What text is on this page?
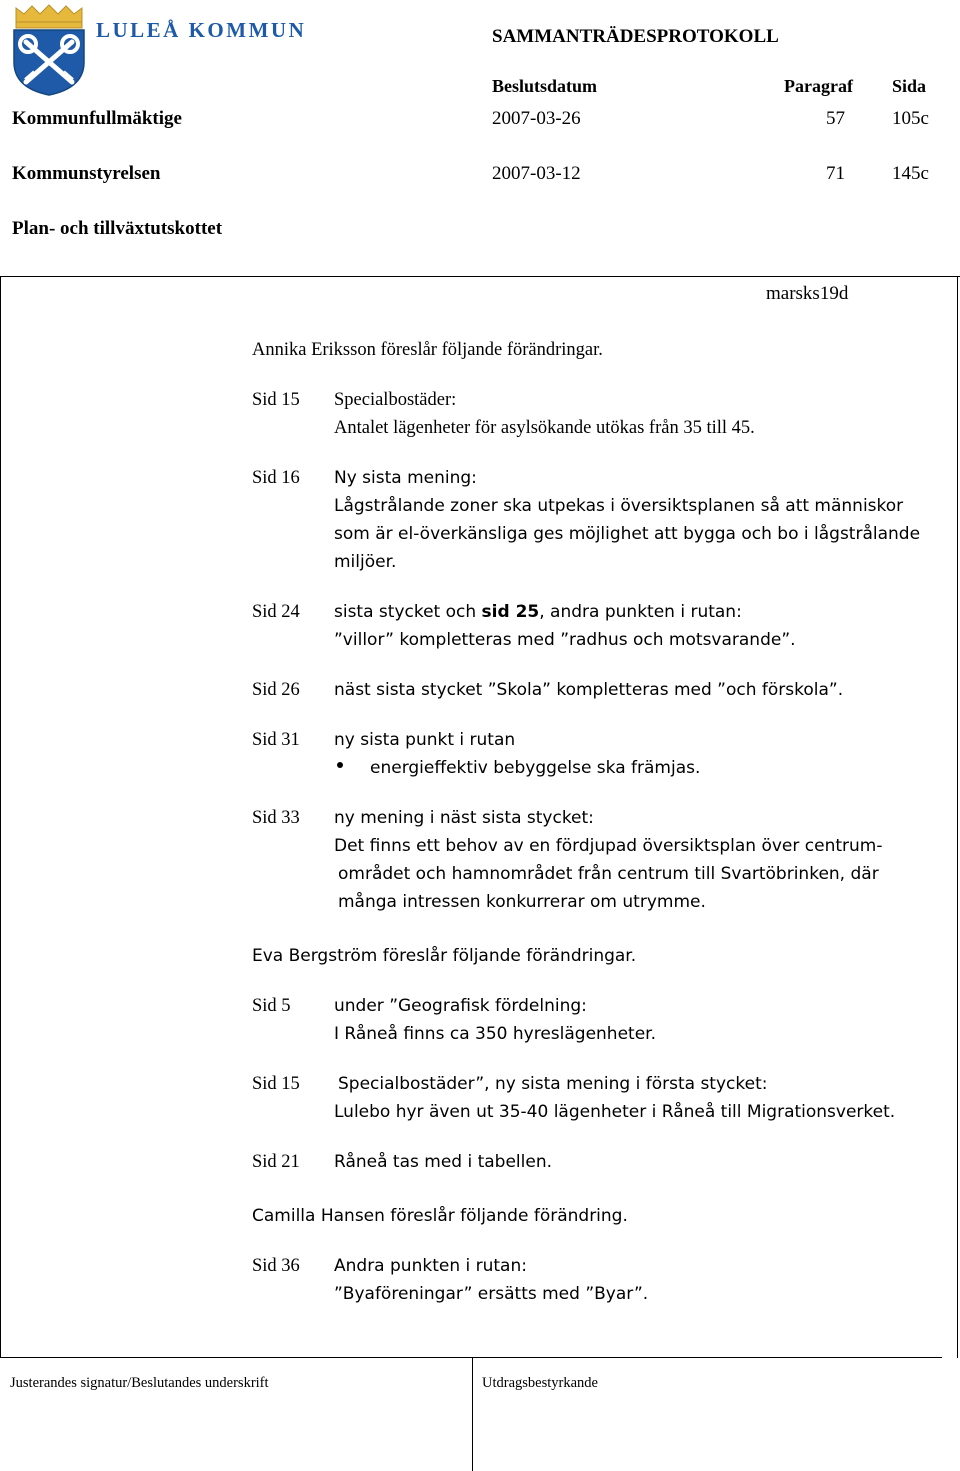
LULEÅ KOMMUN	SAMMANTRÄDESPROTOKOLL
Beslutsdatum	Paragraf Sida
Kommunfullmäktige	2007-03-26	57 105c
Kommunstyrelsen	2007-03-12	71 145c
Plan- och tillväxtutskottet
marsks19d
Annika Eriksson föreslår följande förändringar.
Sid 15 Specialbostäder:
Antalet lägenheter för asylsökande utökas från 35 till 45.
Sid 16 Ny sista mening:
Lågstrålande zoner ska utpekas i översiktsplanen så att människor
som är el-överkänsliga ges möjlighet att bygga och bo i lågstrålande
miljöer.
Sid 24 sista stycket och sid 25, andra punkten i rutan:
”villor” kompletteras med ”radhus och motsvarande”.
Sid 26 näst sista stycket ”Skola” kompletteras med ”och förskola”.
Sid 31 ny sista punkt i rutan
energieffektiv bebyggelse ska främjas.
Sid 33 ny mening i näst sista stycket:
Det finns ett behov av en fördjupad översiktsplan över centrum-
området och hamnområdet från centrum till Svartöbrinken, där
många intressen konkurrerar om utrymme.
Eva Bergström föreslår följande förändringar.
Sid 5	under ”Geografisk fördelning:
I Råneå finns ca 350 hyreslägenheter.
Sid 15 Specialbostäder”, ny sista mening i första stycket:
Lulebo hyr även ut 35-40 lägenheter i Råneå till Migrationsverket.
Sid 21 Råneå tas med i tabellen.
Camilla Hansen föreslår följande förändring.
Sid 36 Andra punkten i rutan:
”Byaföreningar” ersätts med ”Byar”.
Justerandes signatur/Beslutandes underskrift	Utdragsbestyrkande
